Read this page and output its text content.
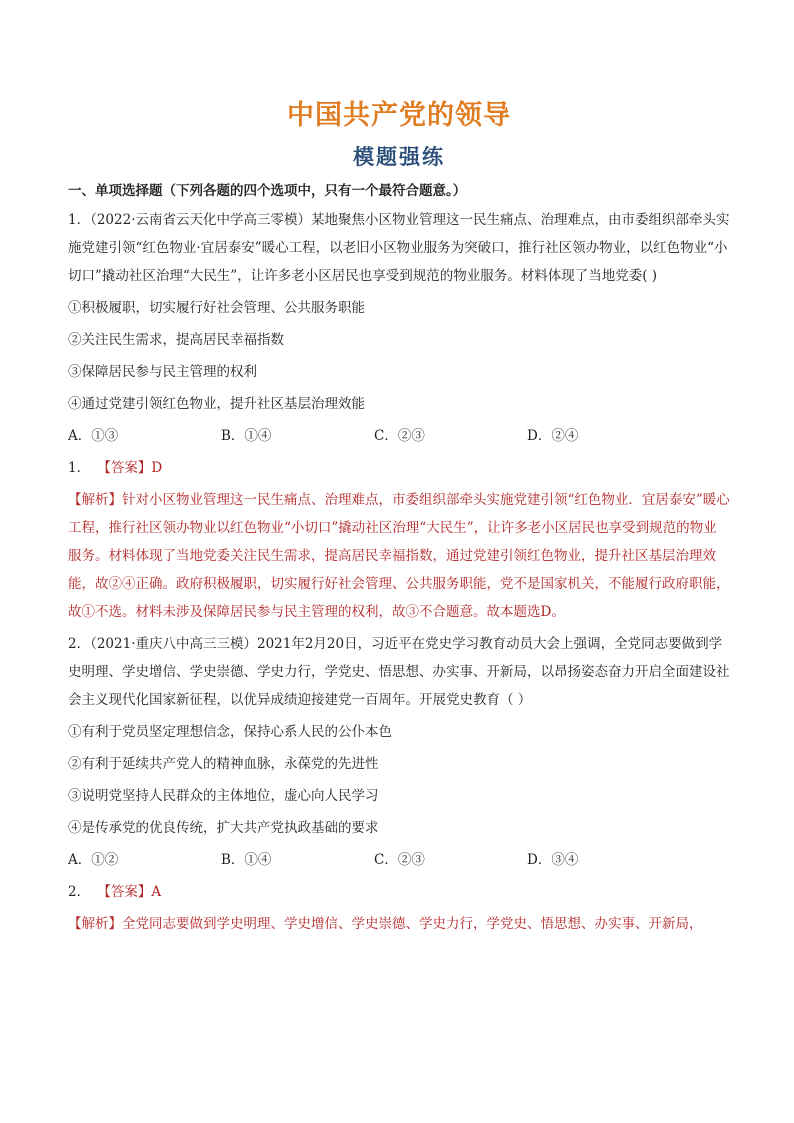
中国共产党的领导
模题强练
一、单项选择题（下列各题的四个选项中，只有一个最符合题意。）
1．（2022·云南省云天化中学高三零模）某地聚焦小区物业管理这一民生痛点、治理难点，由市委组织部牵头实施党建引领“红色物业·宜居泰安”暖心工程，以老旧小区物业服务为突破口，推行社区领办物业，以红色物业“小切口”撬动社区治理“大民生”，让许多老小区居民也享受到规范的物业服务。材料体现了当地党委( )
①积极履职，切实履行好社会管理、公共服务职能
②关注民生需求，提高居民幸福指数
③保障居民参与民主管理的权利
④通过党建引领红色物业，提升社区基层治理效能
A．①③	B．①④	C．②③	D．②④
1． 【答案】D
【解析】针对小区物业管理这一民生痛点、治理难点，市委组织部牵头实施党建引领“红色物业．宜居泰安”暖心工程，推行社区领办物业以红色物业“小切口”撬动社区治理“大民生”，让许多老小区居民也享受到规范的物业服务。材料体现了当地党委关注民生需求，提高居民幸福指数，通过党建引领红色物业，提升社区基层治理效能，故②④正确。政府积极履职，切实履行好社会管理、公共服务职能，党不是国家机关，不能履行政府职能，故①不选。材料未涉及保障居民参与民主管理的权利，故③不合题意。故本题选D。
2．（2021·重庆八中高三三模）2021年2月20日，习近平在党史学习教育动员大会上强调，全党同志要做到学史明理、学史增信、学史崇德、学史力行，学党史、悟思想、办实事、开新局，以昂扬姿态奋力开启全面建设社会主义现代化国家新征程，以优异成绩迎接建党一百周年。开展党史教育（ ）
①有利于党员坚定理想信念，保持心系人民的公仆本色
②有利于延续共产党人的精神血脉，永葆党的先进性
③说明党坚持人民群众的主体地位，虚心向人民学习
④是传承党的优良传统，扩大共产党执政基础的要求
A．①②	B．①④	C．②③	D．③④
2． 【答案】A
【解析】全党同志要做到学史明理、学史增信、学史崇德、学史力行，学党史、悟思想、办实事、开新局，
